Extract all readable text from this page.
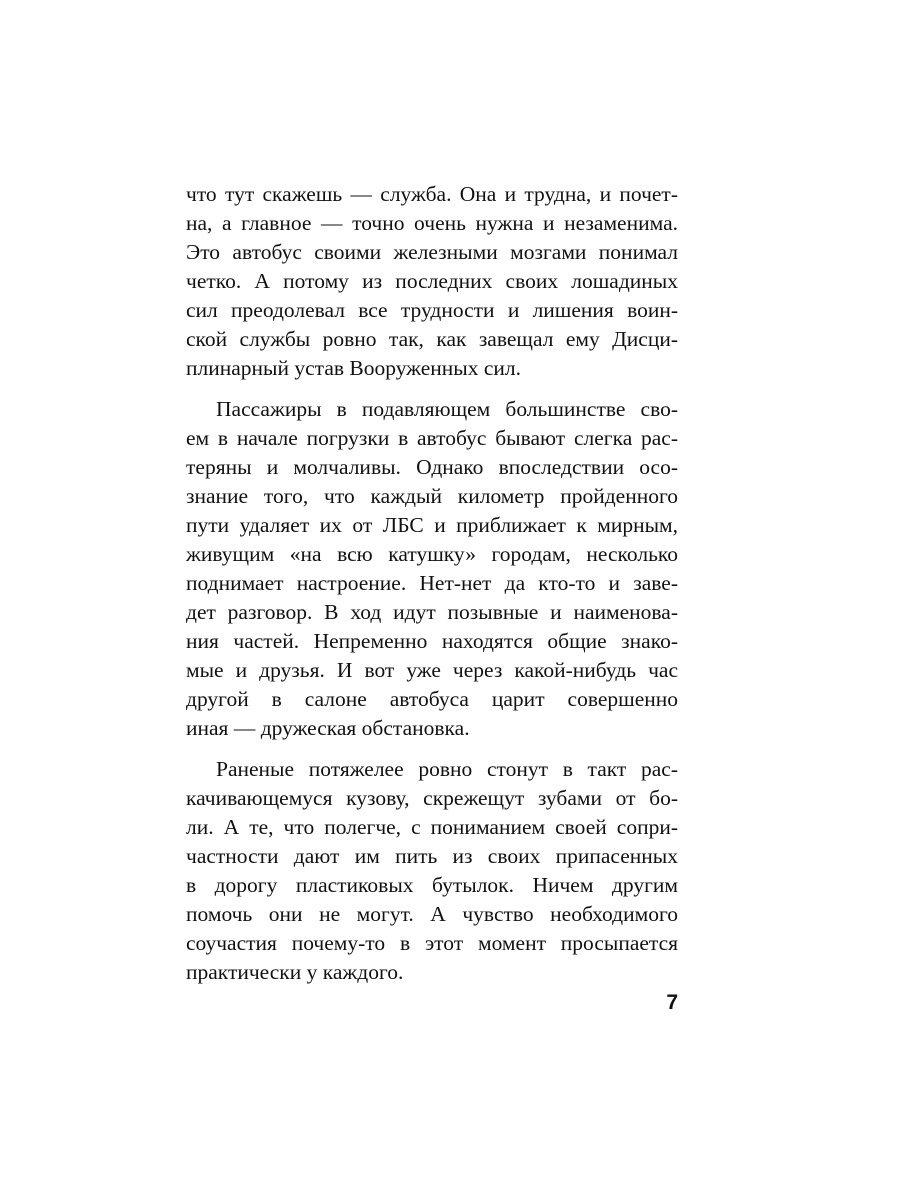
что тут скажешь — служба. Она и трудна, и почет-
на, а главное — точно очень нужна и незаменима.
Это автобус своими железными мозгами понимал
четко. А потому из последних своих лошадиных
сил преодолевал все трудности и лишения воин-
ской службы ровно так, как завещал ему Дисци-
плинарный устав Вооруженных сил.
Пассажиры в подавляющем большинстве сво-
ем в начале погрузки в автобус бывают слегка рас-
теряны и молчаливы. Однако впоследствии осо-
знание того, что каждый километр пройденного
пути удаляет их от ЛБС и приближает к мирным,
живущим «на всю катушку» городам, несколько
поднимает настроение. Нет-нет да кто-то и заве-
дет разговор. В ход идут позывные и наименова-
ния частей. Непременно находятся общие знако-
мые и друзья. И вот уже через какой-нибудь час
другой в салоне автобуса царит совершенно
иная — дружеская обстановка.
Раненые потяжелее ровно стонут в такт рас-
качивающемуся кузову, скрежещут зубами от бо-
ли. А те, что полегче, с пониманием своей сопри-
частности дают им пить из своих припасенных
в дорогу пластиковых бутылок. Ничем другим
помочь они не могут. А чувство необходимого
соучастия почему-то в этот момент просыпается
практически у каждого.
7
